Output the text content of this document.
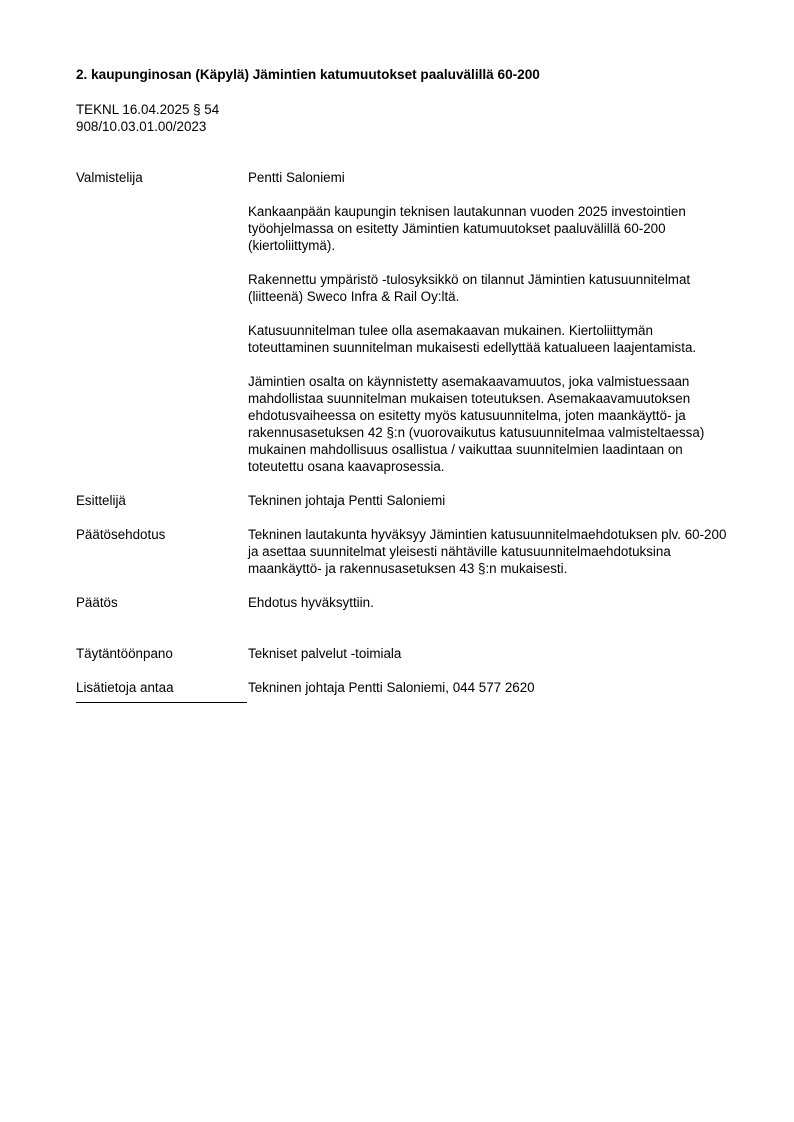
2. kaupunginosan (Käpylä) Jämintien katumuutokset paaluvälillä 60-200
TEKNL 16.04.2025 § 54
908/10.03.01.00/2023
Valmistelija	Pentti Saloniemi

Kankaanpään kaupungin teknisen lautakunnan vuoden 2025 investointien työohjelmassa on esitetty Jämintien katumuutokset paaluvälillä 60-200 (kiertoliittymä).

Rakennettu ympäristö -tulosyksikkö on tilannut Jämintien katusuunnitelmat (liitteenä) Sweco Infra & Rail Oy:ltä.

Katusuunnitelman tulee olla asemakaavan mukainen. Kiertoliittymän toteuttaminen suunnitelman mukaisesti edellyttää katualueen laajentamista.

Jämintien osalta on käynnistetty asemakaavamuutos, joka valmistuessaan mahdollistaa suunnitelman mukaisen toteutuksen. Asemakaavamuutoksen ehdotusvaiheessa on esitetty myös katusuunnitelma, joten maankäyttö- ja rakennusasetuksen 42 §:n (vuorovaikutus katusuunnitelmaa valmisteltaessa) mukainen mahdollisuus osallistua / vaikuttaa suunnitelmien laadintaan on toteutettu osana kaavaprosessia.

Esittelijä	Tekninen johtaja Pentti Saloniemi
Päätösehdotus	Tekninen lautakunta hyväksyy Jämintien katusuunnitelmaehdotuksen plv. 60-200 ja asettaa suunnitelmat yleisesti nähtäville katusuunnitelmaehdotuksina maankäyttö- ja rakennusasetuksen 43 §:n mukaisesti.
Päätös	Ehdotus hyväksyttiin.
Täytäntöönpano	Tekniset palvelut -toimiala
Lisätietoja antaa	Tekninen johtaja Pentti Saloniemi, 044 577 2620
